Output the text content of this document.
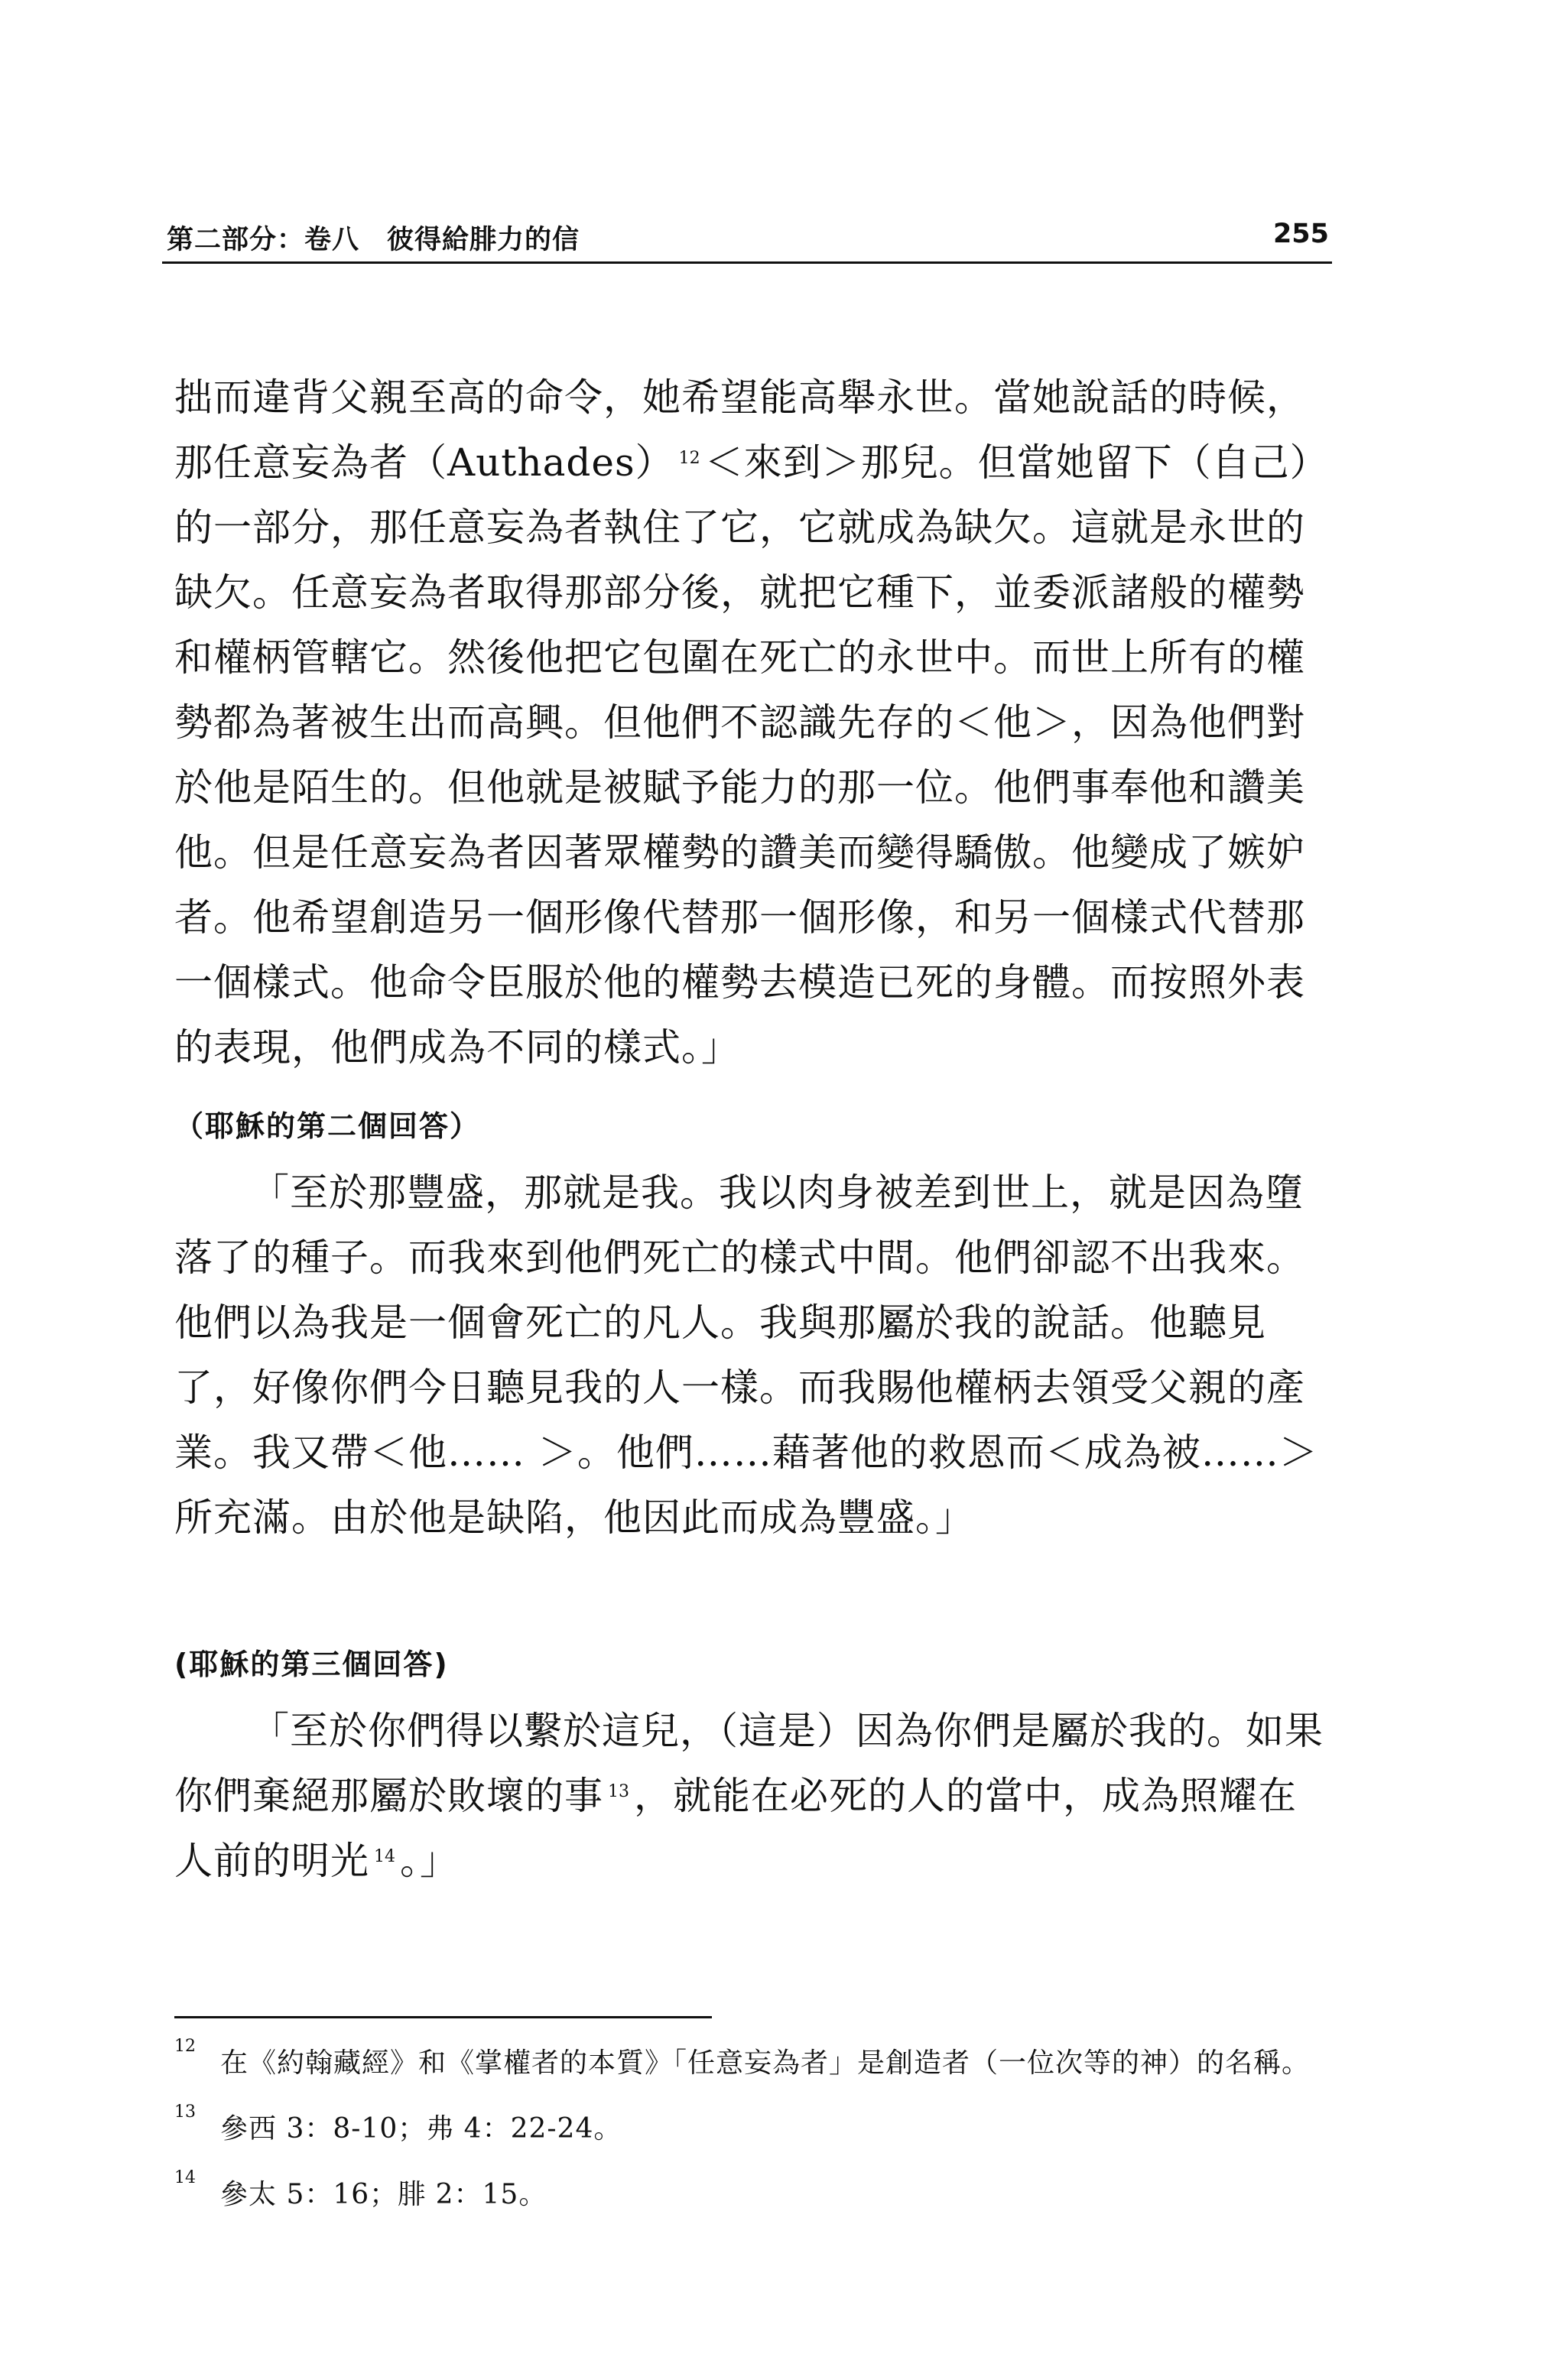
第二部分：卷八　彼得給腓力的信	255

拙而違背父親至高的命令，她希望能高舉永世。當她說話的時候，那任意妄為者（Authades） $^{12}$ ＜來到＞那兒。但當她留下（自己）的一部分，那任意妄為者執住了它，它就成為缺欠。這就是永世的缺欠。任意妄為者取得那部分後，就把它種下，並委派諸般的權勢和權柄管轄它。然後他把它包圍在死亡的永世中。而世上所有的權勢都為著被生出而高興。但他們不認識先存的＜他＞，因為他們對於他是陌生的。但他就是被賦予能力的那一位。他們事奉他和讚美他。但是任意妄為者因著眾權勢的讚美而變得驕傲。他變成了嫉妒者。他希望創造另一個形像代替那一個形像，和另一個樣式代替那一個樣式。他命令臣服於他的權勢去模造已死的身體。而按照外表的表現，他們成為不同的樣式。」

（耶穌的第二個回答）

「至於那豐盛，那就是我。我以肉身被差到世上，就是因為墮落了的種子。而我來到他們死亡的樣式中間。他們卻認不出我來。他們以為我是一個會死亡的凡人。我與那屬於我的說話。他聽見了，好像你們今日聽見我的人一樣。而我賜他權柄去領受父親的產業。我又帶＜他…… ＞。他們……藉著他的救恩而＜成為被……＞所充滿。由於他是缺陷，他因此而成為豐盛。」

(耶穌的第三個回答)

「至於你們得以繫於這兒，（這是）因為你們是屬於我的。如果你們棄絕那屬於敗壞的事 $^{13}$ ，就能在必死的人的當中，成為照耀在人前的明光 $^{14}$ 。」

12
在《約翰藏經》和《掌權者的本質》「任意妄為者」是創造者（一位次等的神）的名稱。
13
參西 3：8-10；弗 4：22-24。
14
參太 5：16；腓 2：15。
